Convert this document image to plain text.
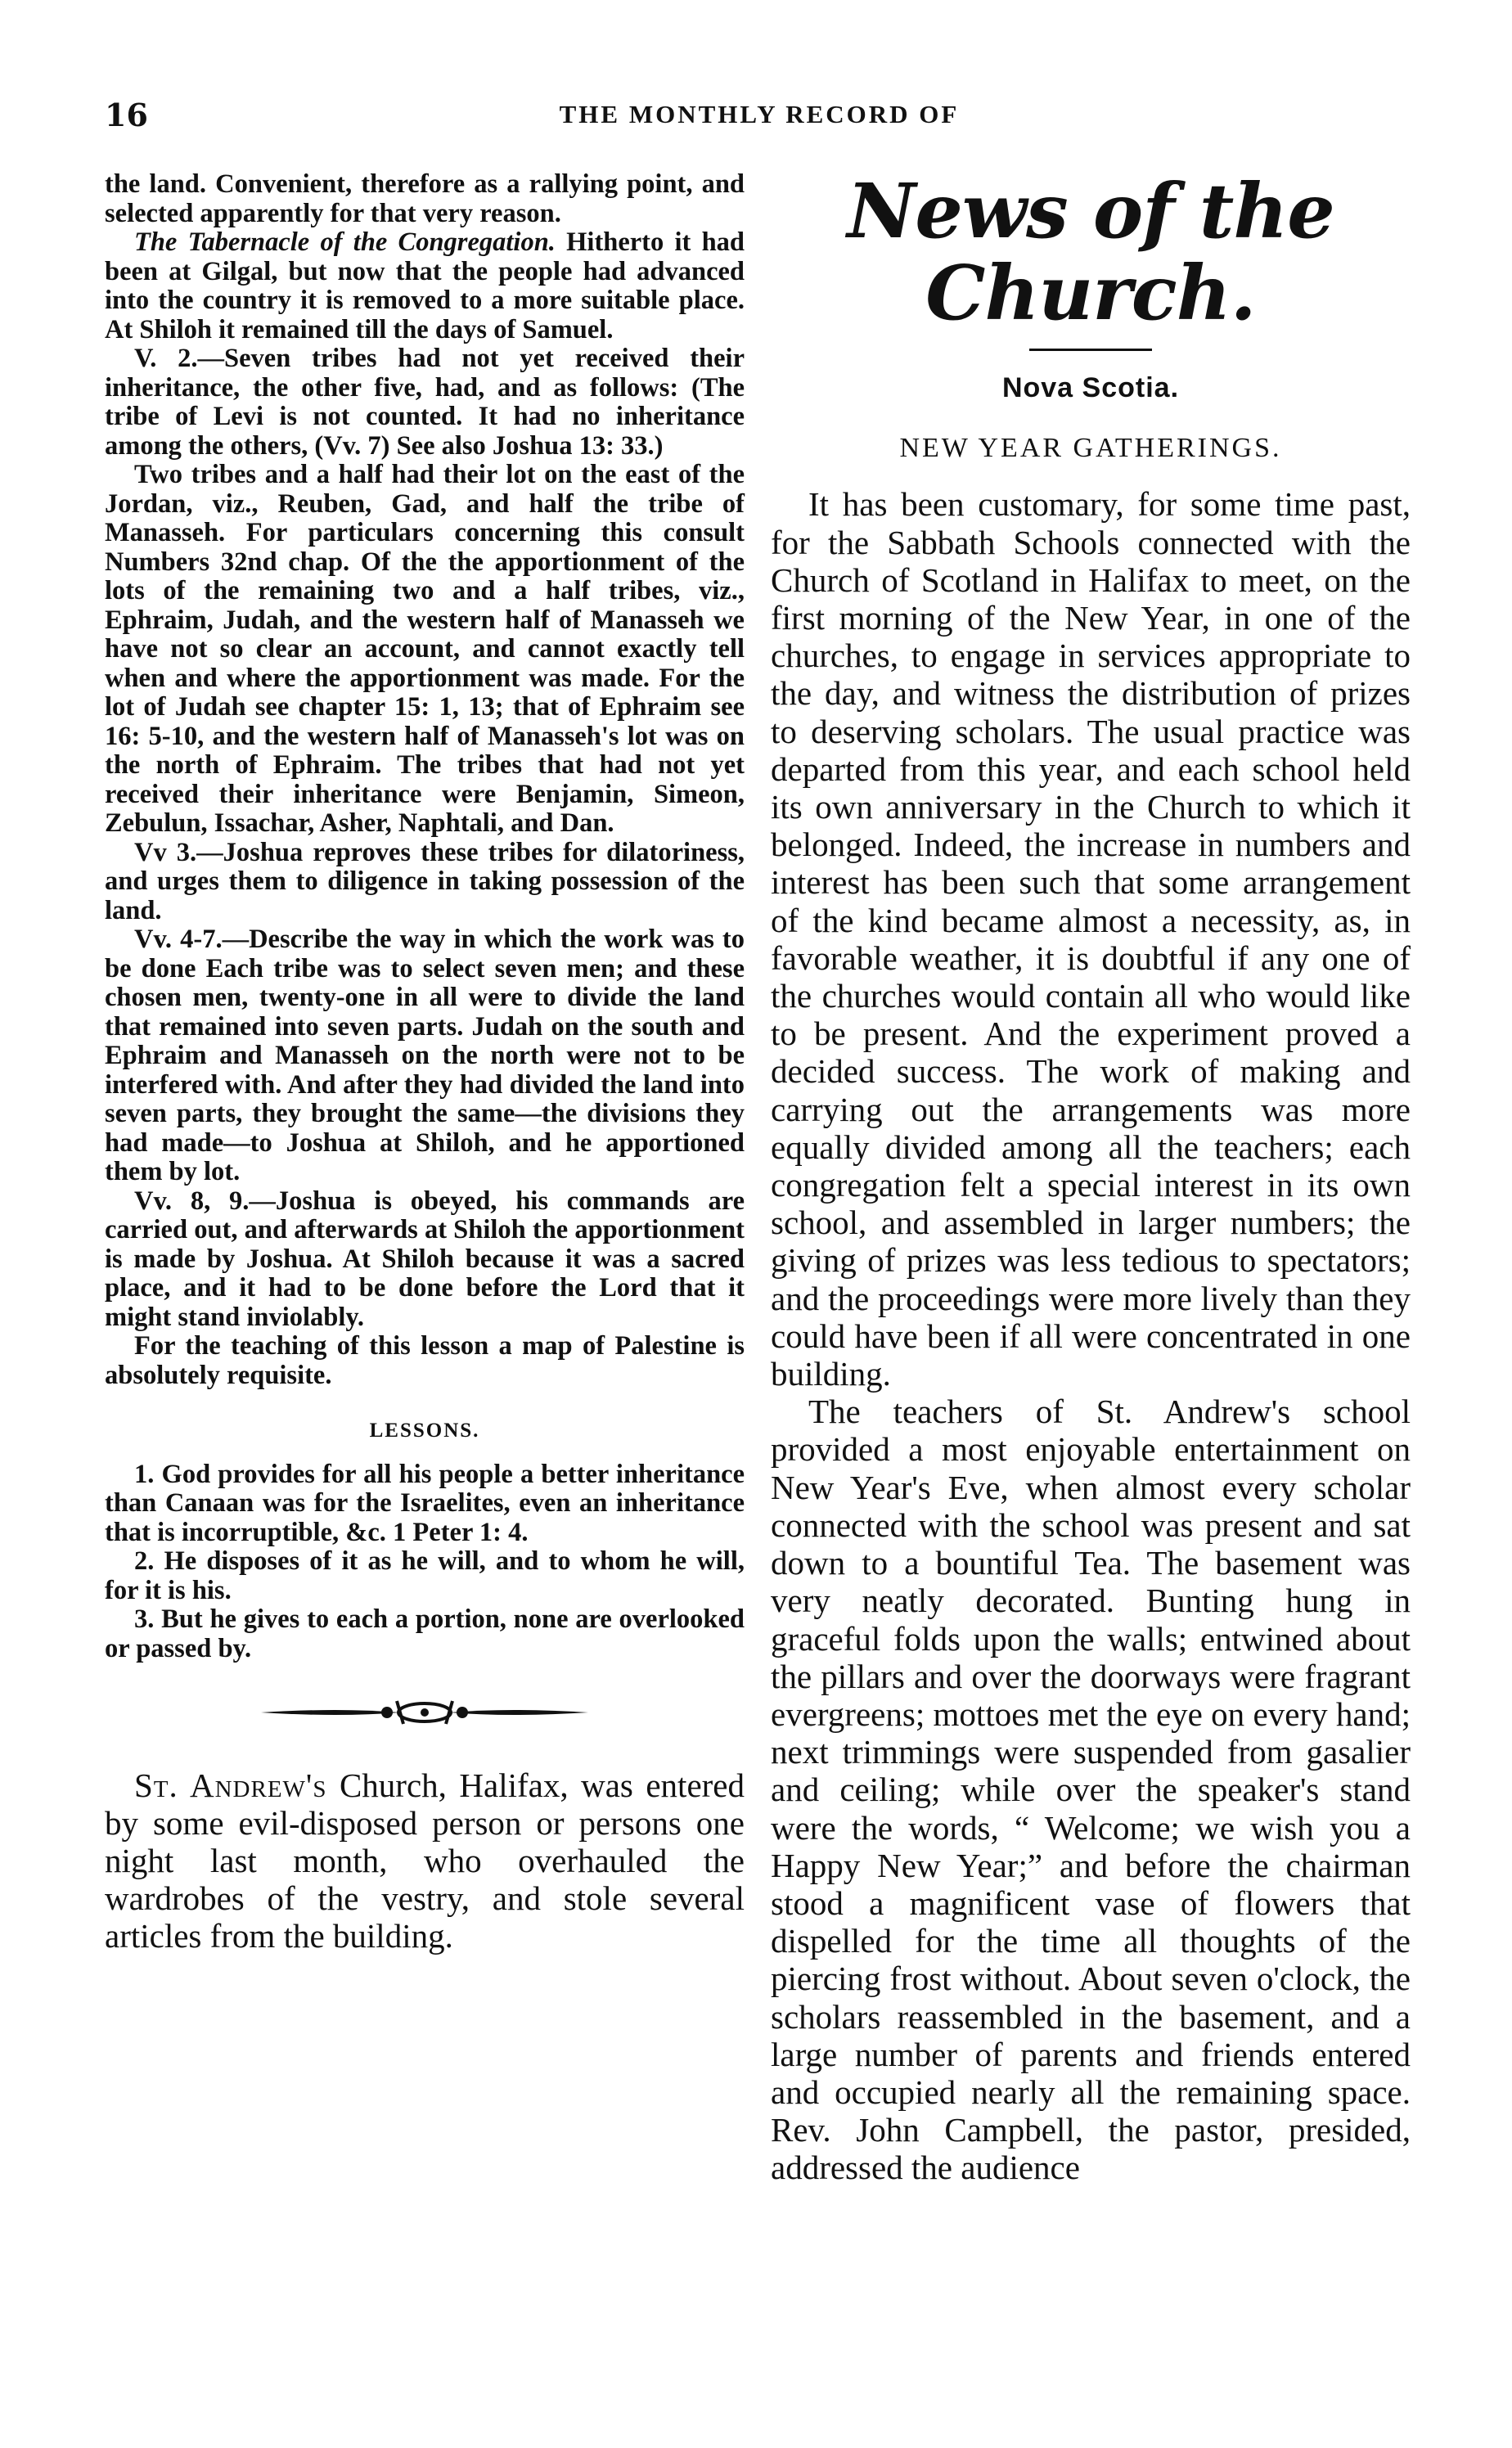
16	THE MONTHLY RECORD OF

the land. Convenient, therefore as a rallying point, and selected apparently for that very reason.

The Tabernacle of the Congregation. Hitherto it had been at Gilgal, but now that the people had advanced into the country it is removed to a more suitable place. At Shiloh it remained till the days of Samuel.

V. 2.—Seven tribes had not yet received their inheritance, the other five, had, and as follows: (The tribe of Levi is not counted. It had no inheritance among the others, (Vv. 7) See also Joshua 13: 33.)

Two tribes and a half had their lot on the east of the Jordan, viz., Reuben, Gad, and half the tribe of Manasseh. For particulars concerning this consult Numbers 32nd chap. Of the the apportionment of the lots of the remaining two and a half tribes, viz., Ephraim, Judah, and the western half of Manasseh we have not so clear an account, and cannot exactly tell when and where the apportionment was made. For the lot of Judah see chapter 15: 1, 13; that of Ephraim see 16: 5-10, and the western half of Manasseh's lot was on the north of Ephraim. The tribes that had not yet received their inheritance were Benjamin, Simeon, Zebulun, Issachar, Asher, Naphtali, and Dan.

Vv 3.—Joshua reproves these tribes for dilatoriness, and urges them to diligence in taking possession of the land.

Vv. 4-7.—Describe the way in which the work was to be done Each tribe was to select seven men; and these chosen men, twenty-one in all were to divide the land that remained into seven parts. Judah on the south and Ephraim and Manasseh on the north were not to be interfered with. And after they had divided the land into seven parts, they brought the same—the divisions they had made—to Joshua at Shiloh, and he apportioned them by lot.

Vv. 8, 9.—Joshua is obeyed, his commands are carried out, and afterwards at Shiloh the apportionment is made by Joshua. At Shiloh because it was a sacred place, and it had to be done before the Lord that it might stand inviolably.

For the teaching of this lesson a map of Palestine is absolutely requisite.

LESSONS.

1. God provides for all his people a better inheritance than Canaan was for the Israelites, even an inheritance that is incorruptible, &c. 1 Peter 1: 4.

2. He disposes of it as he will, and to whom he will, for it is his.

3. But he gives to each a portion, none are overlooked or passed by.

St. Andrew's Church, Halifax, was entered by some evil-disposed person or persons one night last month, who overhauled the wardrobes of the vestry, and stole several articles from the building.

News of the Church.
Nova Scotia.
NEW YEAR GATHERINGS.

It has been customary, for some time past, for the Sabbath Schools connected with the Church of Scotland in Halifax to meet, on the first morning of the New Year, in one of the churches, to engage in services appropriate to the day, and witness the distribution of prizes to deserving scholars. The usual practice was departed from this year, and each school held its own anniversary in the Church to which it belonged. Indeed, the increase in numbers and interest has been such that some arrangement of the kind became almost a necessity, as, in favorable weather, it is doubtful if any one of the churches would contain all who would like to be present. And the experiment proved a decided success. The work of making and carrying out the arrangements was more equally divided among all the teachers; each congregation felt a special interest in its own school, and assembled in larger numbers; the giving of prizes was less tedious to spectators; and the proceedings were more lively than they could have been if all were concentrated in one building.

The teachers of St. Andrew's school provided a most enjoyable entertainment on New Year's Eve, when almost every scholar connected with the school was present and sat down to a bountiful Tea. The basement was very neatly decorated. Bunting hung in graceful folds upon the walls; entwined about the pillars and over the doorways were fragrant evergreens; mottoes met the eye on every hand; next trimmings were suspended from gasalier and ceiling; while over the speaker's stand were the words, “ Welcome; we wish you a Happy New Year;” and before the chairman stood a magnificent vase of flowers that dispelled for the time all thoughts of the piercing frost without. About seven o'clock, the scholars reassembled in the basement, and a large number of parents and friends entered and occupied nearly all the remaining space. Rev. John Campbell, the pastor, presided, addressed the audience
